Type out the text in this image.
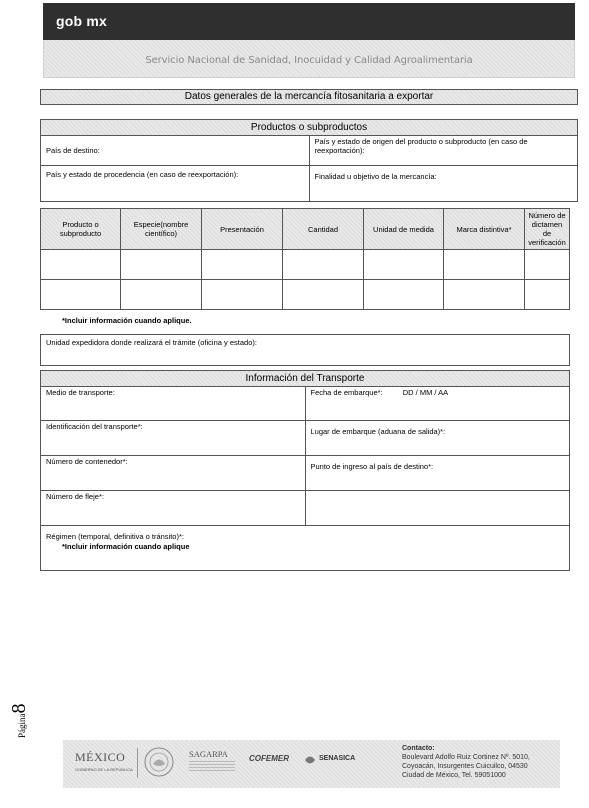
gob mx
Servicio Nacional de Sanidad, Inocuidad y Calidad Agroalimentaria
Datos generales de la mercancía fitosanitaria a exportar
Productos o subproductos	
País de destino:	País y estado de origen del producto o subproducto (en caso de reexportación):
País y estado de procedencia (en caso de reexportación):	Finalidad u objetivo de la mercancía:
Producto o subproducto	Especie(nombre científico)	Presentación	Cantidad	Unidad de medida	Marca distintiva*	Número de dictamen de verificación

*Incluir información cuando aplique.
Unidad expedidora donde realizará el trámite (oficina y estado):
Información del Transporte	
Medio de transporte:	Fecha de embarque*: DD / MM / AA
Identificación del transporte*:	Lugar de embarque (aduana de salida)*:
Número de contenedor*:	Punto de ingreso al país de destino*:
Número de fleje*:	
Régimen (temporal, definitiva o tránsito)*:	
*Incluir información cuando aplique
Página8
MÉXICO
GOBIERNO DE LA REPÚBLICA
SAGARPA	COFEMER	SENASICA
Contacto:
Boulevard Adolfo Ruiz Cortinez Nº. 5010,
Coyoacán, Insurgentes Cuicuilco, 04530
Ciudad de México, Tel. 59051000
